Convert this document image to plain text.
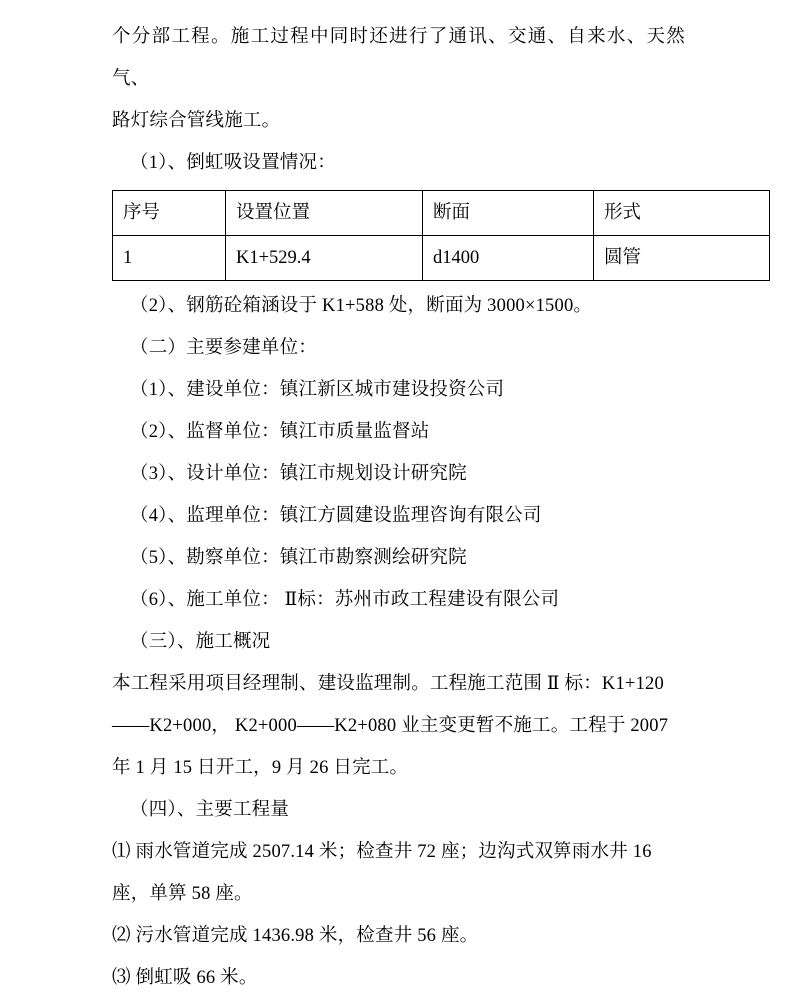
个分部工程。施工过程中同时还进行了通讯、交通、自来水、天然气、

路灯综合管线施工。

（1）、倒虹吸设置情况：

序号	设置位置	断面	形式
1	K1+529.4	d1400	圆管

（2）、钢筋砼箱涵设于 K1+588 处，断面为 3000×1500。

（二）主要参建单位：

（1）、建设单位：镇江新区城市建设投资公司

（2）、监督单位：镇江市质量监督站

（3）、设计单位：镇江市规划设计研究院

（4）、监理单位：镇江方圆建设监理咨询有限公司

（5）、勘察单位：镇江市勘察测绘研究院

（6）、施工单位： Ⅱ标：苏州市政工程建设有限公司

（三）、施工概况

本工程采用项目经理制、建设监理制。工程施工范围 Ⅱ 标：K1+120

——K2+000， K2+000——K2+080 业主变更暂不施工。工程于 2007

年 1 月 15 日开工，9 月 26 日完工。

（四）、主要工程量

⑴ 雨水管道完成 2507.14 米；检查井 72 座；边沟式双箅雨水井 16

座，单箅 58 座。

⑵ 污水管道完成 1436.98 米，检查井 56 座。

⑶ 倒虹吸 66 米。
